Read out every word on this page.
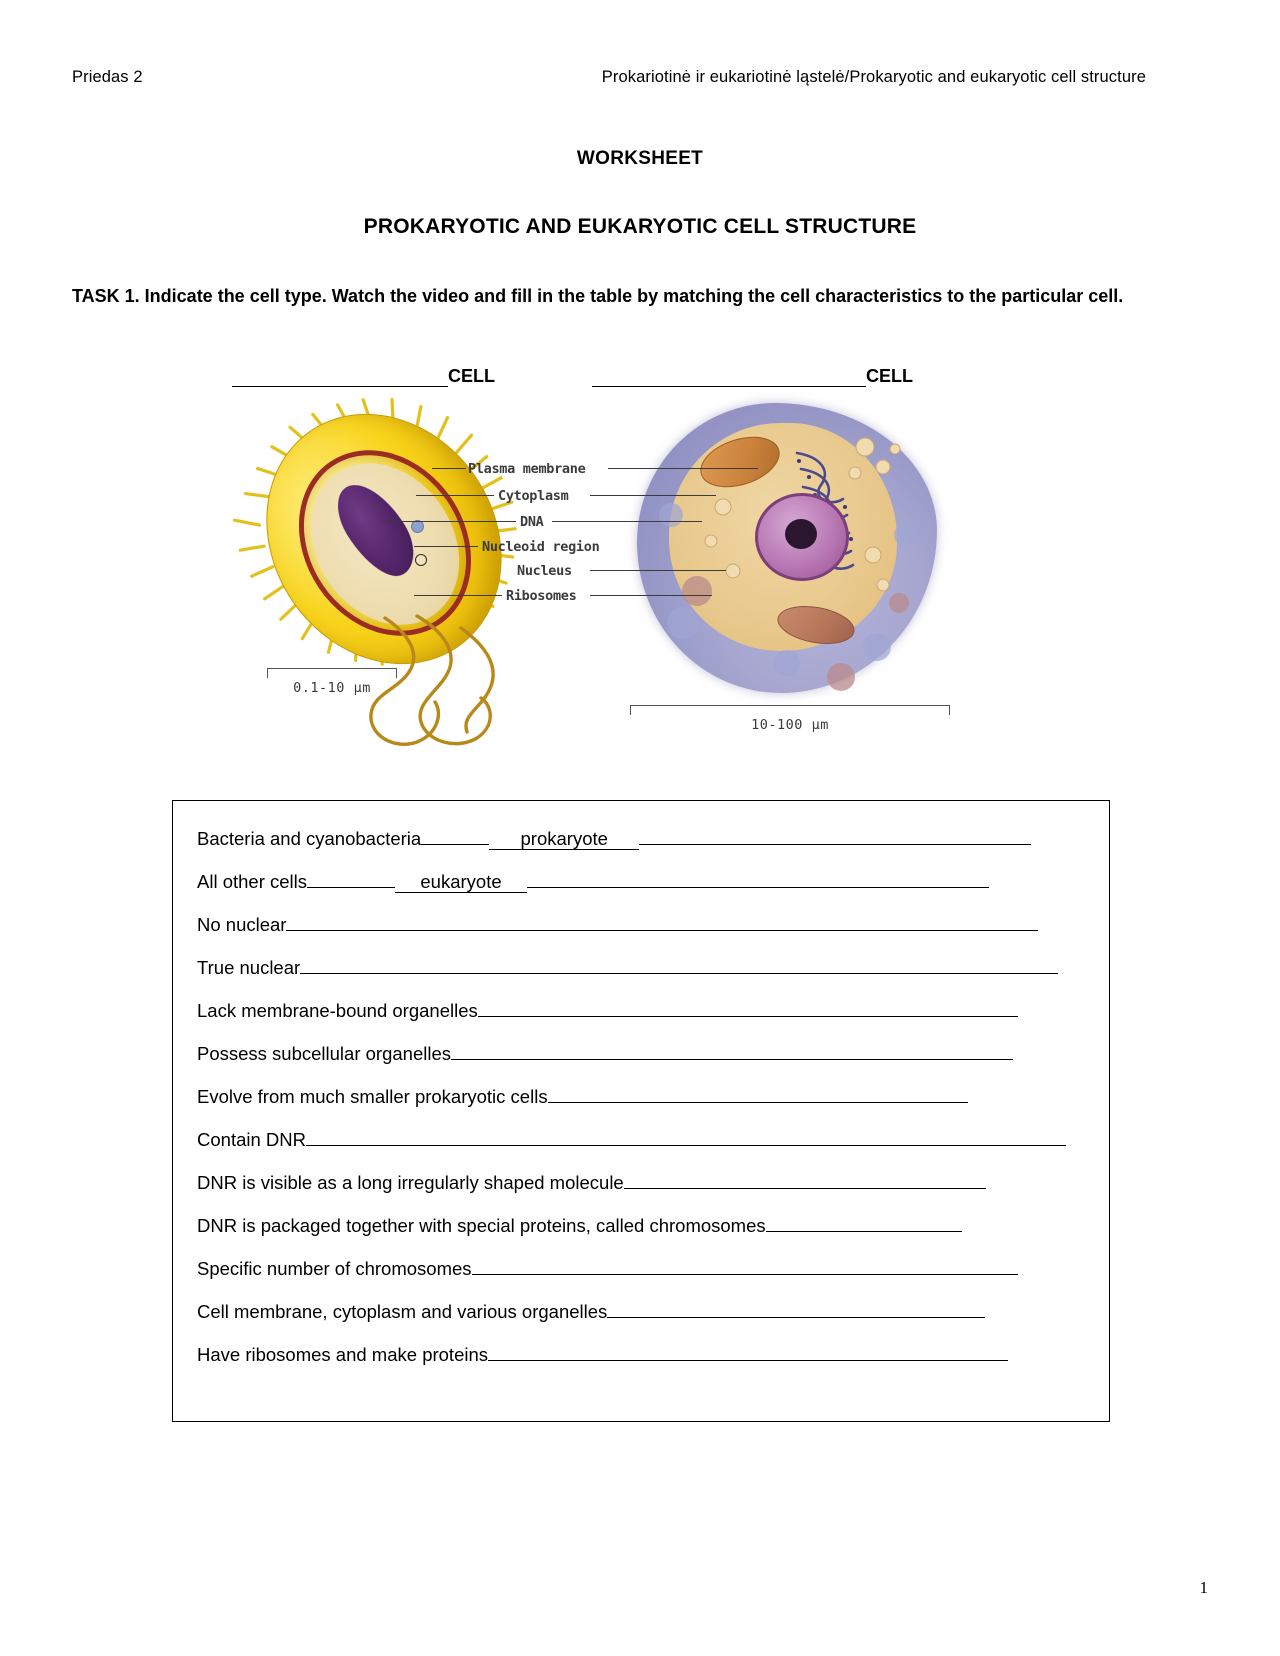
Priedas 2	Prokariotinė ir eukariotinė ląstelė/Prokaryotic and eukaryotic cell structure
WORKSHEET
PROKARYOTIC AND EUKARYOTIC CELL STRUCTURE
TASK 1. Indicate the cell type. Watch the video and fill in the table by matching the cell characteristics to the particular cell.
CELL	CELL
0.1-10 µm
10-100 µm
Plasma membrane
Cytoplasm
DNA
Nucleoid region
Nucleus
Ribosomes
Bacteria and cyanobacteria	prokaryote
All other cells	eukaryote
No nuclear
True nuclear
Lack membrane-bound organelles
Possess subcellular organelles
Evolve from much smaller prokaryotic cells
Contain DNR
DNR is visible as a long irregularly shaped molecule
DNR is packaged together with special proteins, called chromosomes
Specific number of chromosomes
Cell membrane, cytoplasm and various organelles
Have ribosomes and make proteins
1
